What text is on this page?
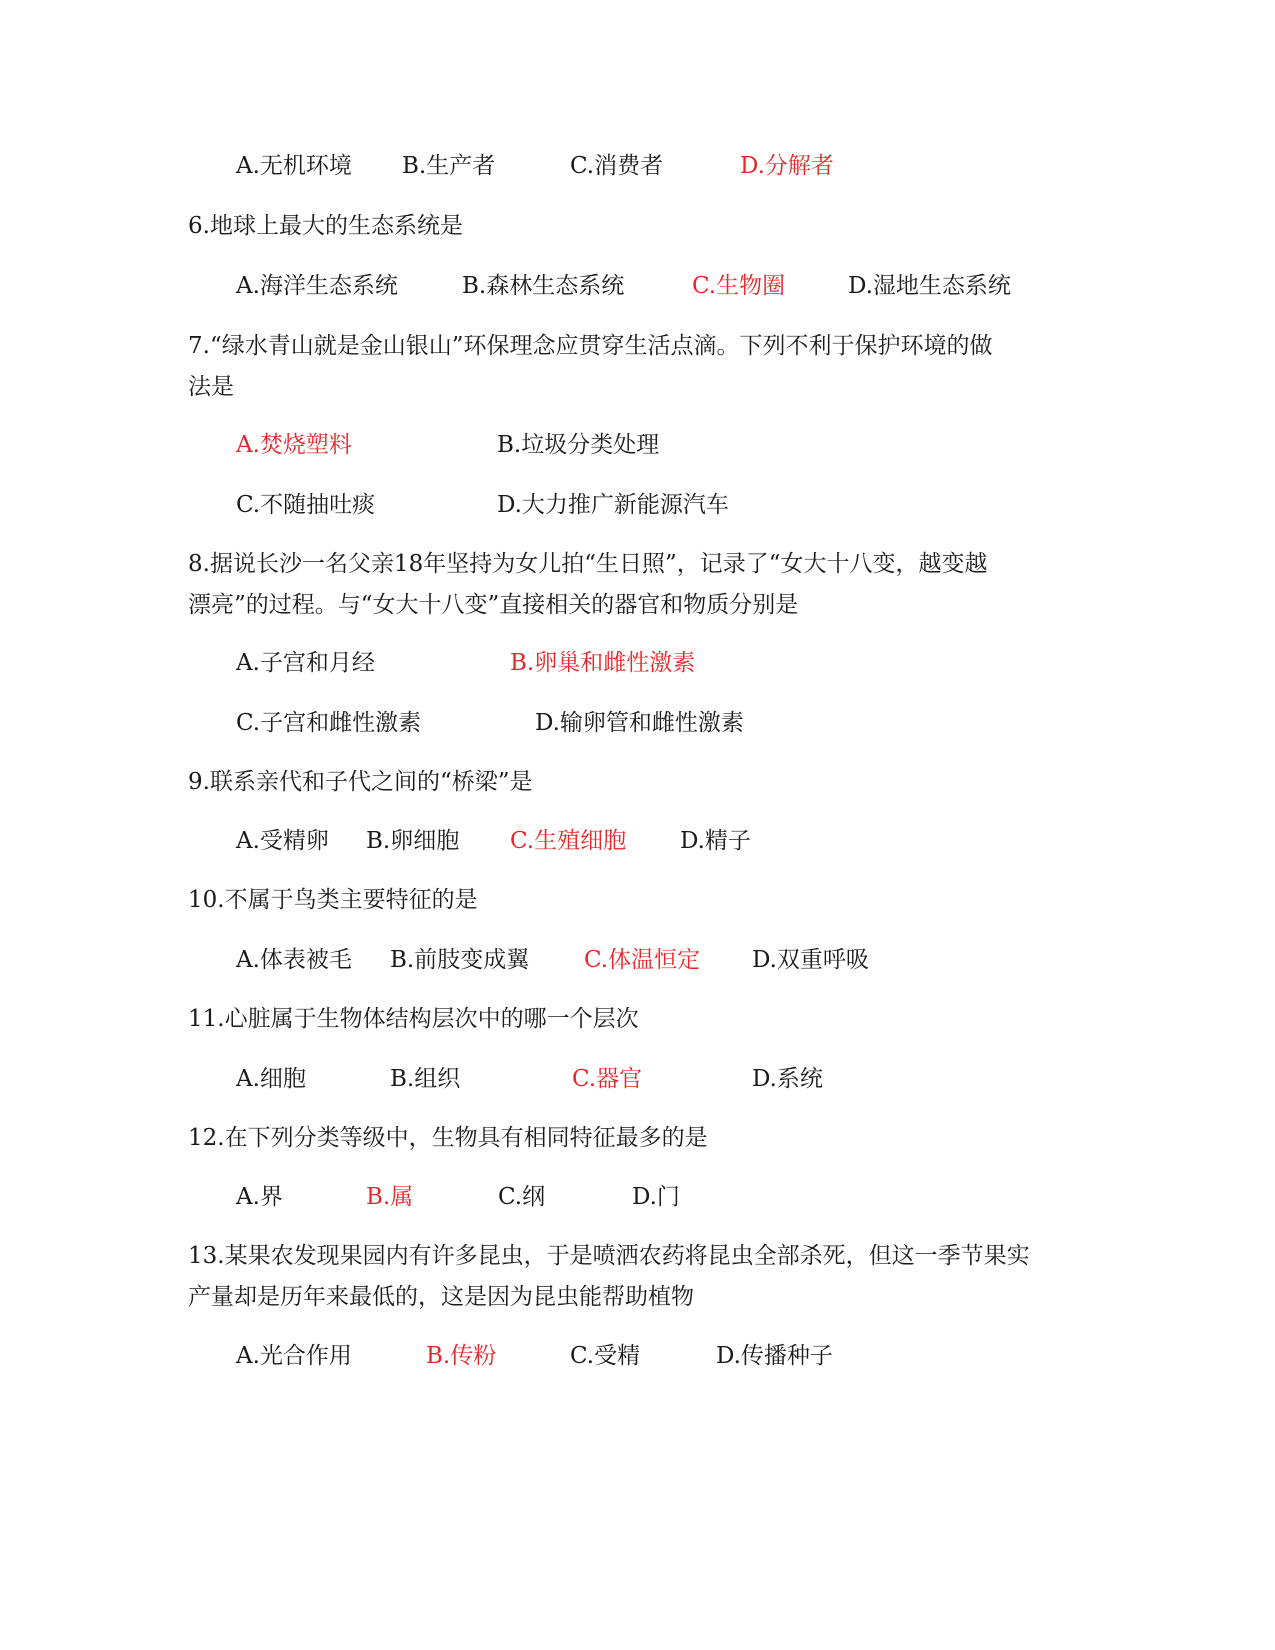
A.无机环境 B.生产者	C.消费者	D.分解者
6.地球上最大的生态系统是
A.海洋生态系统	B.森林生态系统	C.生物圈	D.湿地生态系统
7.“绿水青山就是金山银山”环保理念应贯穿生活点滴。下列不利于保护环境的做
法是
A.焚烧塑料	B.垃圾分类处理
C.不随抽吐痰	D.大力推广新能源汽车
8.据说长沙一名父亲18年坚持为女儿拍“生日照”，记录了“女大十八变，越变越
漂亮”的过程。与“女大十八变”直接相关的器官和物质分别是
A.子宫和月经	B.卵巢和雌性激素
C.子宫和雌性激素	D.输卵管和雌性激素
9.联系亲代和子代之间的“桥梁”是
A.受精卵 B.卵细胞 C.生殖细胞 D.精子
10.不属于鸟类主要特征的是
A.体表被毛 B.前肢变成翼 C.体温恒定 D.双重呼吸
11.心脏属于生物体结构层次中的哪一个层次
A.细胞	B.组织	C.器官	D.系统
12.在下列分类等级中，生物具有相同特征最多的是
A.界	B.属	C.纲	D.门
13.某果农发现果园内有许多昆虫，于是喷洒农药将昆虫全部杀死，但这一季节果实
产量却是历年来最低的，这是因为昆虫能帮助植物
A.光合作用	B.传粉	C.受精	D.传播种子
